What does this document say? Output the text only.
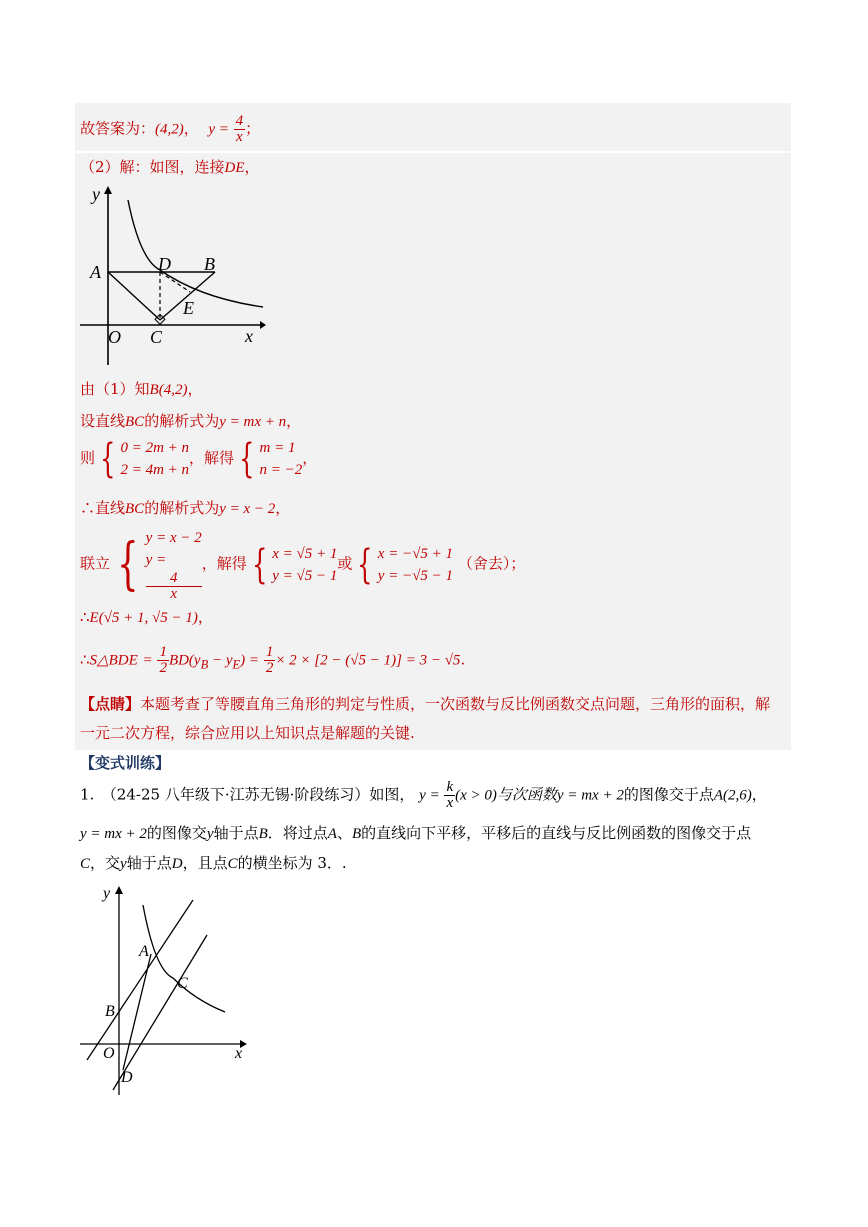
故答案为：(4,2)， $y = \frac{4}{x}$ ；
（2）解：如图，连接DE，
y
x
O
A	D B
E
C
由（1）知B(4,2)，
设直线BC的解析式为y = mx + n，
则 { 0 = 2m + n
2 = 4m + n
，解得 { m = 1
n = −2
，
∴直线BC的解析式为y = x − 2，
联立 { y = x − 2
y =
4
x
，解得 { x = √5 + 1
y = √5 − 1
或 { x = −√5 + 1
y = −√5 − 1
（舍去）；
∴E(√5 + 1, √5 − 1)，
∴S△BDE = $\frac{1}{2} BD(y_B - y_E) = \frac{1}{2} \times 2 \times [2 - (√5 - 1)] = 3 - √5$.
【点睛】本题考查了等腰直角三角形的判定与性质，一次函数与反比例函数交点问题，三角形的面积，解
一元二次方程，综合应用以上知识点是解题的关键.
【变式训练】
1.　（24-25 八年级下·江苏无锡·阶段练习）如图， $y = \frac{k}{x} (x > 0)$与次函数y = mx + 2的图像交于点A(2,6)，
y = mx + 2的图像交y轴于点B．将过点A、B的直线向下平移，平移后的直线与反比例函数的图像交于点
C，交y轴于点D，且点C的横坐标为 3．.
y
x
O
A
B
C
D
